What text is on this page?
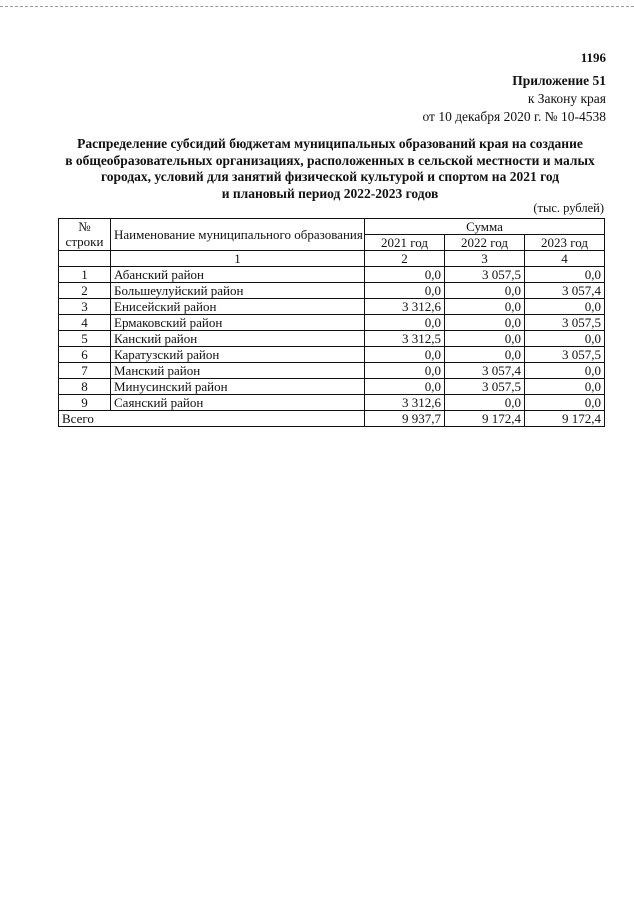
1196
Приложение 51
к Закону края
от 10 декабря 2020 г. № 10-4538
Распределение субсидий бюджетам муниципальных образований края на создание
в общеобразовательных организациях, расположенных в сельской местности и малых
городах, условий для занятий физической культурой и спортом на 2021 год
и плановый период 2022-2023 годов
(тыс. рублей)
№
строки	Наименование муниципального образования	Сумма		
		2021 год	2022 год	2023 год
	1	2	3	4
1	Абанский район	0,0	3 057,5	0,0
2	Большеулуйский район	0,0	0,0	3 057,4
3	Енисейский район	3 312,6	0,0	0,0
4	Ермаковский район	0,0	0,0	3 057,5
5	Канский район	3 312,5	0,0	0,0
6	Каратузский район	0,0	0,0	3 057,5
7	Манский район	0,0	3 057,4	0,0
8	Минусинский район	0,0	3 057,5	0,0
9	Саянский район	3 312,6	0,0	0,0
Всего		9 937,7	9 172,4	9 172,4
